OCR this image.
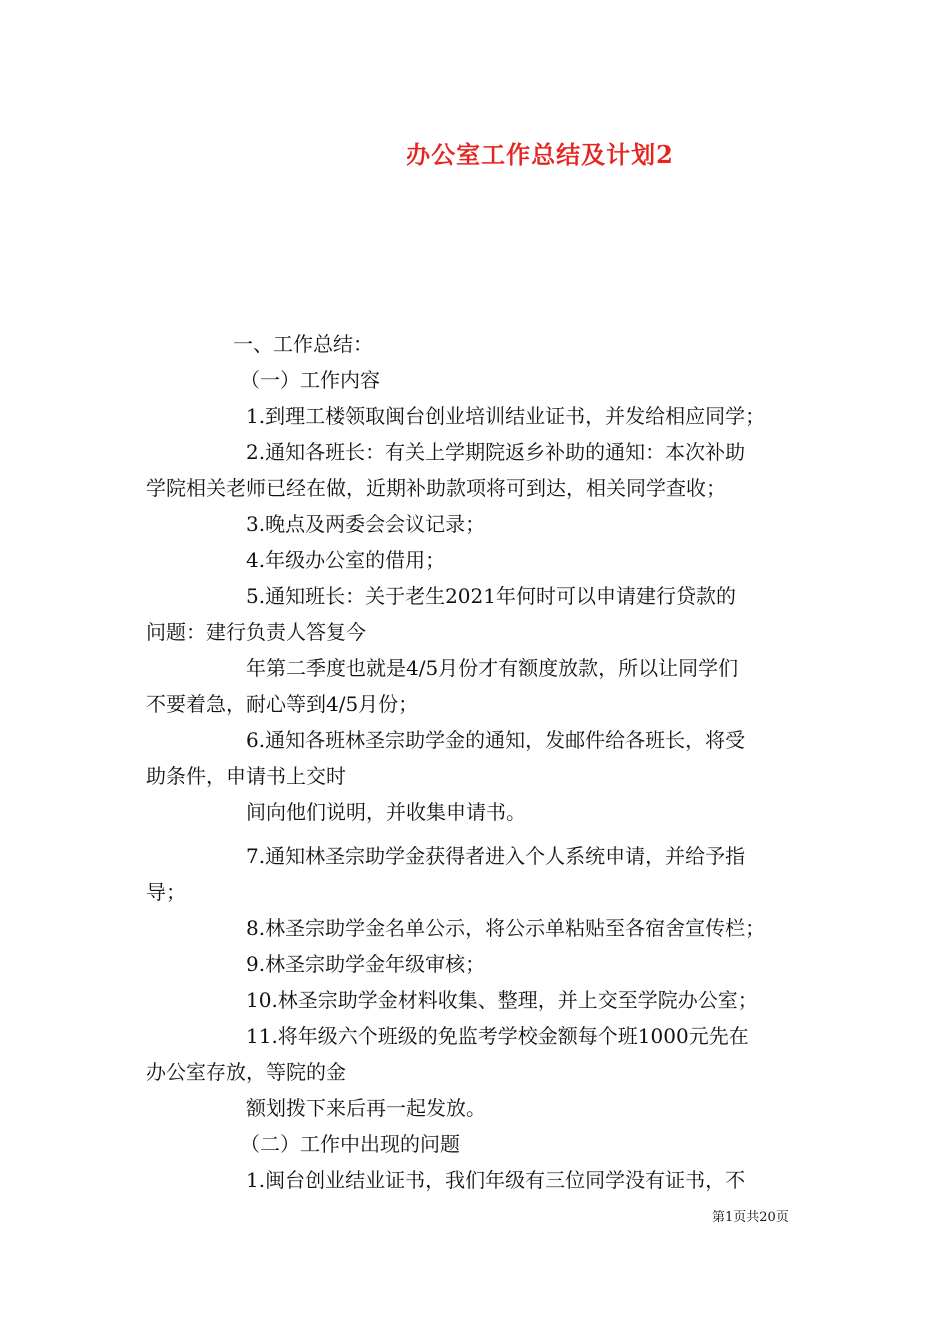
办公室工作总结及计划2
一、工作总结：
（一）工作内容
1.到理工楼领取闽台创业培训结业证书，并发给相应同学；
2.通知各班长：有关上学期院返乡补助的通知：本次补助
学院相关老师已经在做，近期补助款项将可到达，相关同学查收；
3.晚点及两委会会议记录；
4.年级办公室的借用；
5.通知班长：关于老生2021年何时可以申请建行贷款的
问题：建行负责人答复今
年第二季度也就是4/5月份才有额度放款，所以让同学们
不要着急，耐心等到4/5月份；
6.通知各班林圣宗助学金的通知，发邮件给各班长，将受
助条件，申请书上交时
间向他们说明，并收集申请书。
7.通知林圣宗助学金获得者进入个人系统申请，并给予指
导；
8.林圣宗助学金名单公示，将公示单粘贴至各宿舍宣传栏；
9.林圣宗助学金年级审核；
10.林圣宗助学金材料收集、整理，并上交至学院办公室；
11.将年级六个班级的免监考学校金额每个班1000元先在
办公室存放，等院的金
额划拨下来后再一起发放。
（二）工作中出现的问题
1.闽台创业结业证书，我们年级有三位同学没有证书，不
第1页共20页
